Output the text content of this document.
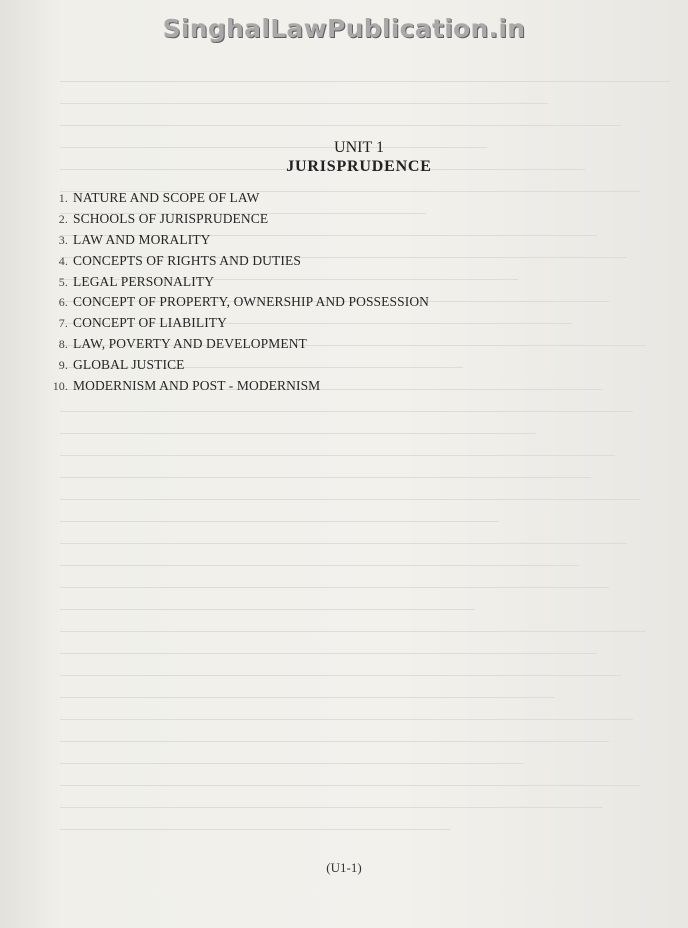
SinghalLawPublication.in
UNIT 1
JURISPRUDENCE
1. NATURE AND SCOPE OF LAW
2. SCHOOLS OF JURISPRUDENCE
3. LAW AND MORALITY
4. CONCEPTS OF RIGHTS AND DUTIES
5. LEGAL PERSONALITY
6. CONCEPT OF PROPERTY, OWNERSHIP AND POSSESSION
7. CONCEPT OF LIABILITY
8. LAW, POVERTY AND DEVELOPMENT
9. GLOBAL JUSTICE
10. MODERNISM AND POST - MODERNISM
(U1-1)
